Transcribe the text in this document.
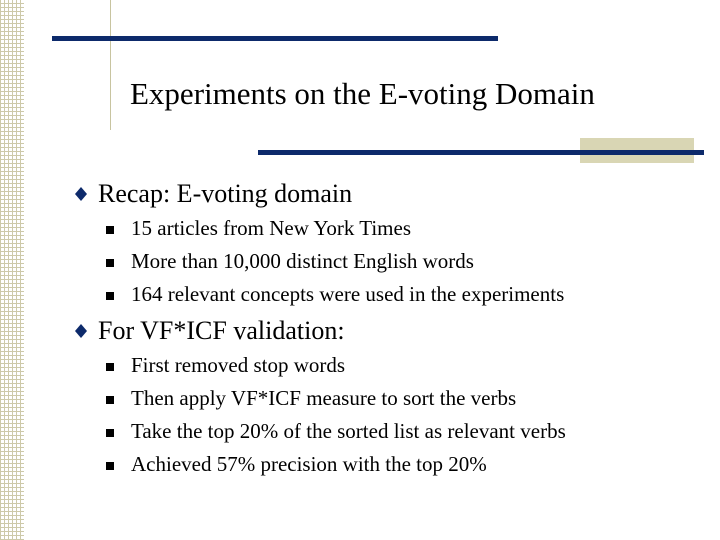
Experiments on the E-voting Domain
Recap: E-voting domain
15 articles from New York Times
More than 10,000 distinct English words
164 relevant concepts were used in the experiments
For VF*ICF validation:
First removed stop words
Then apply VF*ICF measure to sort the verbs
Take the top 20% of the sorted list as relevant verbs
Achieved 57% precision with the top 20%
